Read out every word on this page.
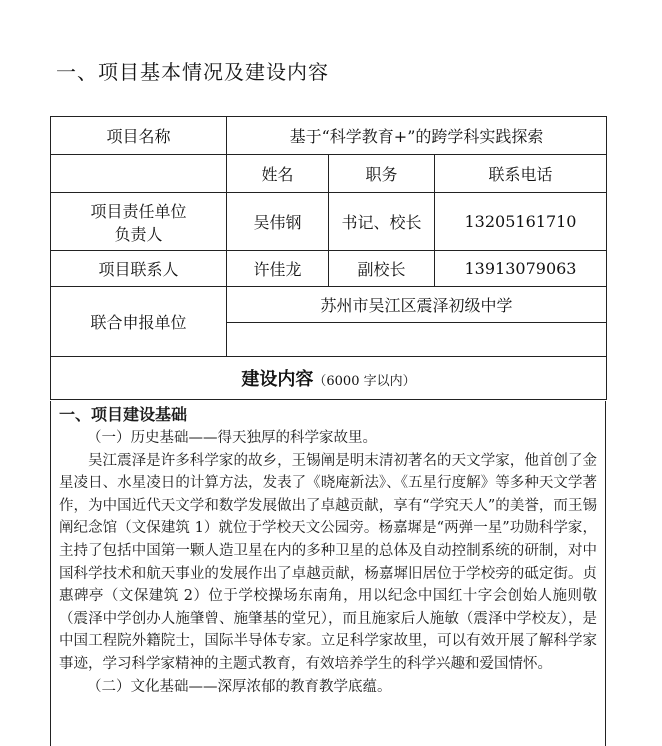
一、项目基本情况及建设内容
项目名称	基于“科学教育+”的跨学科实践探索		
	姓名	职务	联系电话

项目责任单位
负责人	吴伟钢	书记、校长	13205161710
项目联系人	许佳龙	副校长	13913079063
联合申报单位	苏州市吴江区震泽初级中学		

建设内容（6000 字以内）			

一、项目建设基础

（一）历史基础——得天独厚的科学家故里。

吴江震泽是许多科学家的故乡，王锡阐是明末清初著名的天文学家，他首创了金星凌日、水星凌日的计算方法，发表了《晓庵新法》、《五星行度解》等多种天文学著作，为中国近代天文学和数学发展做出了卓越贡献，享有“学究天人”的美誉，而王锡阐纪念馆（文保建筑 1）就位于学校天文公园旁。杨嘉墀是“两弹一星”功勋科学家，主持了包括中国第一颗人造卫星在内的多种卫星的总体及自动控制系统的研制，对中国科学技术和航天事业的发展作出了卓越贡献，杨嘉墀旧居位于学校旁的砥定街。贞惠碑亭（文保建筑 2）位于学校操场东南角，用以纪念中国红十字会创始人施则敬（震泽中学创办人施肇曾、施肇基的堂兄），而且施家后人施敏（震泽中学校友），是中国工程院外籍院士，国际半导体专家。立足科学家故里，可以有效开展了解科学家事迹，学习科学家精神的主题式教育，有效培养学生的科学兴趣和爱国情怀。

（二）文化基础——深厚浓郁的教育教学底蕴。
